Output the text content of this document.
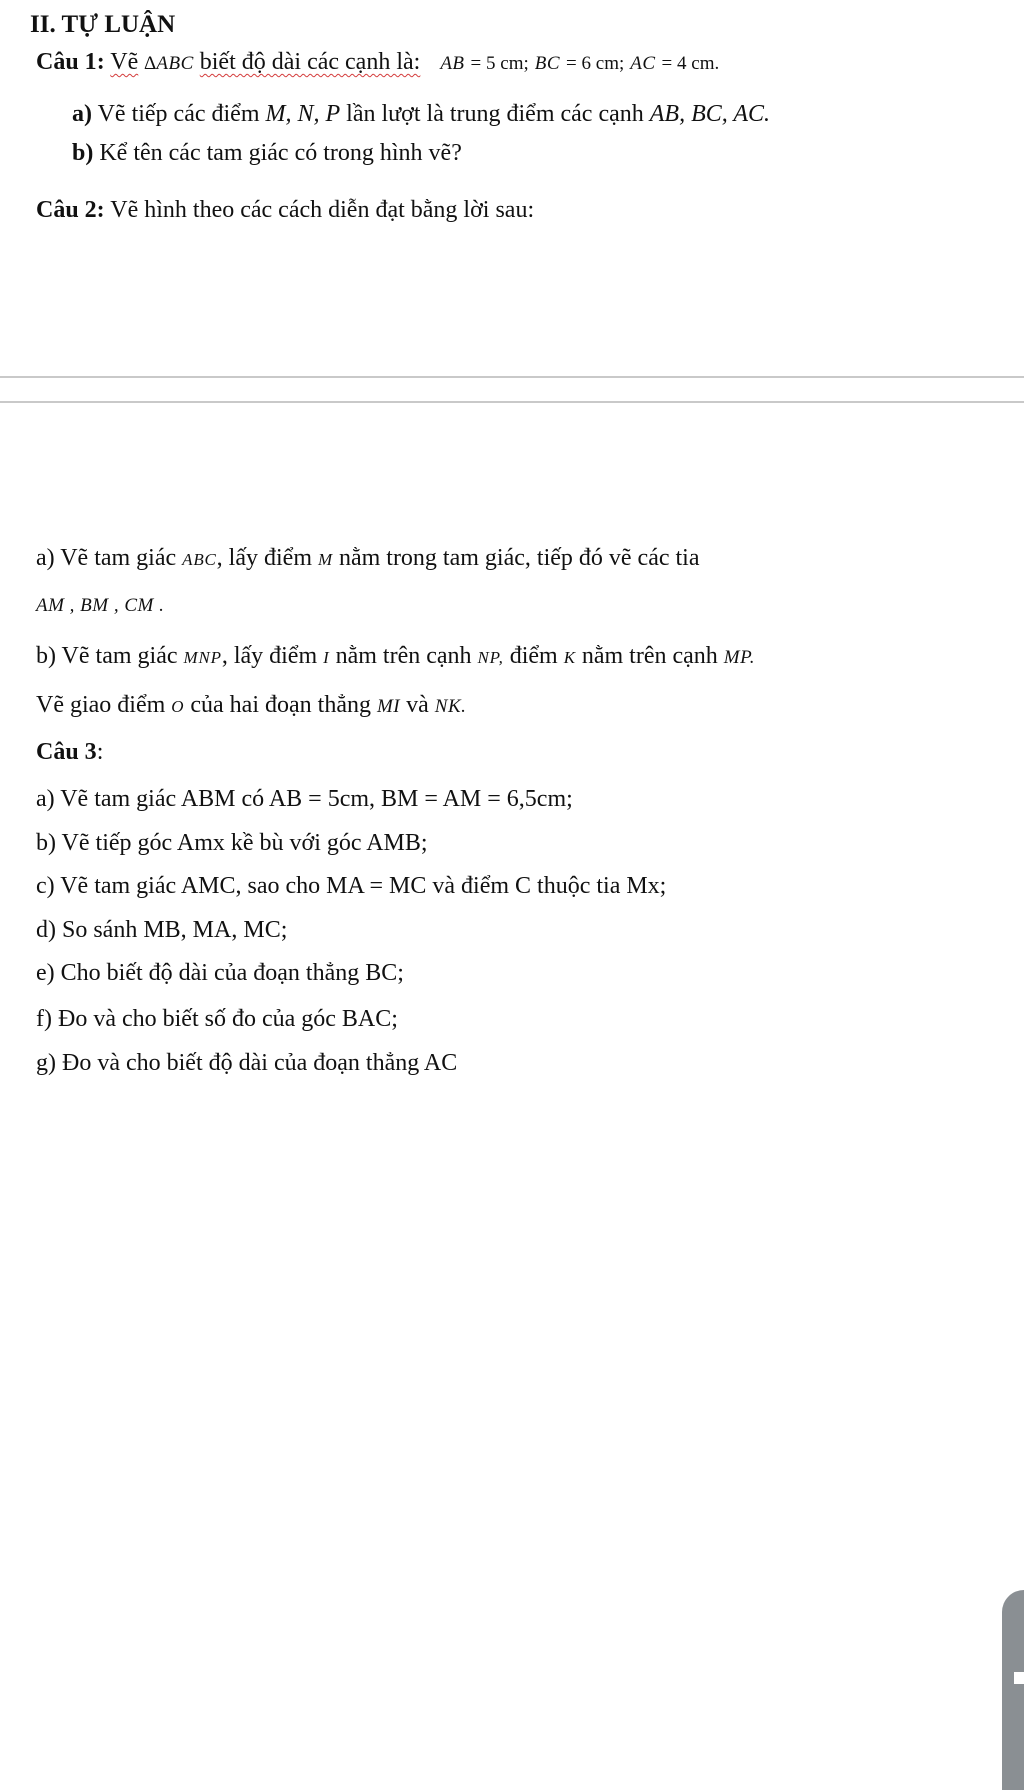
II. TỰ LUẬN
Câu 1: Vẽ ∆ABC biết độ dài các cạnh là: AB = 5 cm; BC = 6 cm; AC = 4 cm.
a) Vẽ tiếp các điểm M, N, P lần lượt là trung điểm các cạnh AB, BC, AC.
b) Kể tên các tam giác có trong hình vẽ?
Câu 2: Vẽ hình theo các cách diễn đạt bằng lời sau:
a) Vẽ tam giác ABC, lấy điểm M nằm trong tam giác, tiếp đó vẽ các tia
AM , BM , CM .
b) Vẽ tam giác MNP, lấy điểm I nằm trên cạnh NP, điểm K nằm trên cạnh MP.
Vẽ giao điểm O của hai đoạn thẳng MI và NK.
Câu 3:
a) Vẽ tam giác ABM có AB = 5cm, BM = AM = 6,5cm;
b) Vẽ tiếp góc Amx kề bù với góc AMB;
c) Vẽ tam giác AMC, sao cho MA = MC và điểm C thuộc tia Mx;
d) So sánh MB, MA, MC;
e) Cho biết độ dài của đoạn thẳng BC;
f) Đo và cho biết số đo của góc BAC;
g) Đo và cho biết độ dài của đoạn thẳng AC
